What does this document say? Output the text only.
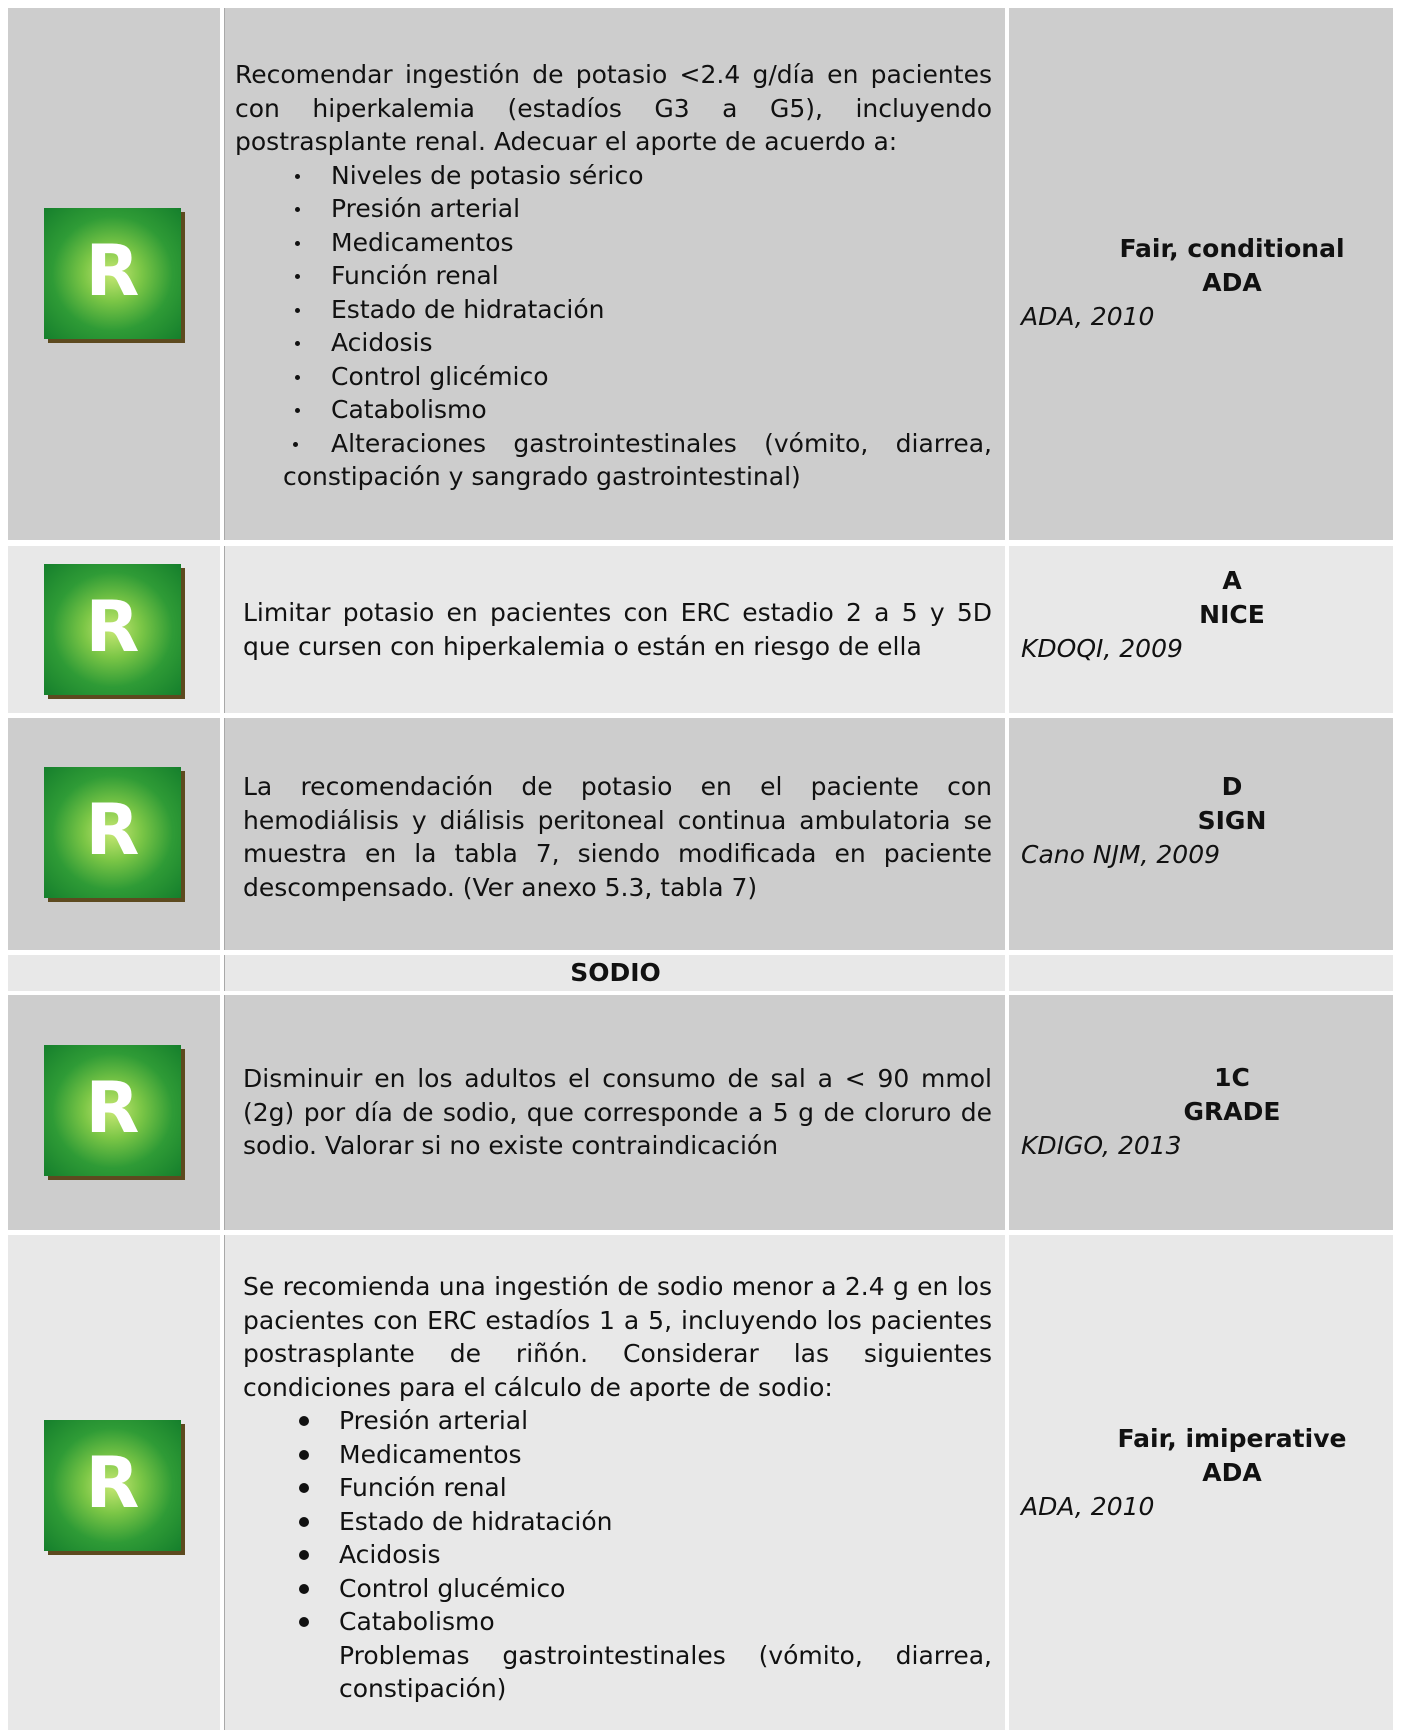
R

Recomendar ingestión de potasio <2.4 g/día en pacientes con hiperkalemia (estadíos G3 a G5), incluyendo postrasplante renal. Adecuar el aporte de acuerdo a:

Niveles de potasio sérico
Presión arterial
Medicamentos
Función renal
Estado de hidratación
Acidosis
Control glicémico
Catabolismo
Alteraciones gastrointestinales (vómito, diarrea, constipación y sangrado gastrointestinal)
Fair, conditional
ADA
ADA, 2010
R	Limitar potasio en pacientes con ERC estadio 2 a 5 y 5D que cursen con hiperkalemia o están en riesgo de ella
A
NICE
KDOQI, 2009
R
La recomendación de potasio en el paciente con hemodiálisis y diálisis peritoneal continua ambulatoria se muestra en la tabla 7, siendo modificada en paciente descompensado. (Ver anexo 5.3, tabla 7)
D
SIGN
Cano NJM, 2009
SODIO
R	Disminuir en los adultos el consumo de sal a < 90 mmol (2g) por día de sodio, que corresponde a 5 g de cloruro de sodio. Valorar si no existe contraindicación
1C
GRADE
KDIGO, 2013
R

Se recomienda una ingestión de sodio menor a 2.4 g en los pacientes con ERC estadíos 1 a 5, incluyendo los pacientes postrasplante de riñón. Considerar las siguientes condiciones para el cálculo de aporte de sodio:

Presión arterial
Medicamentos
Función renal
Estado de hidratación
Acidosis
Control glucémico
Catabolismo
Problemas gastrointestinales (vómito, diarrea, constipación)
Fair, imiperative
ADA
ADA, 2010
